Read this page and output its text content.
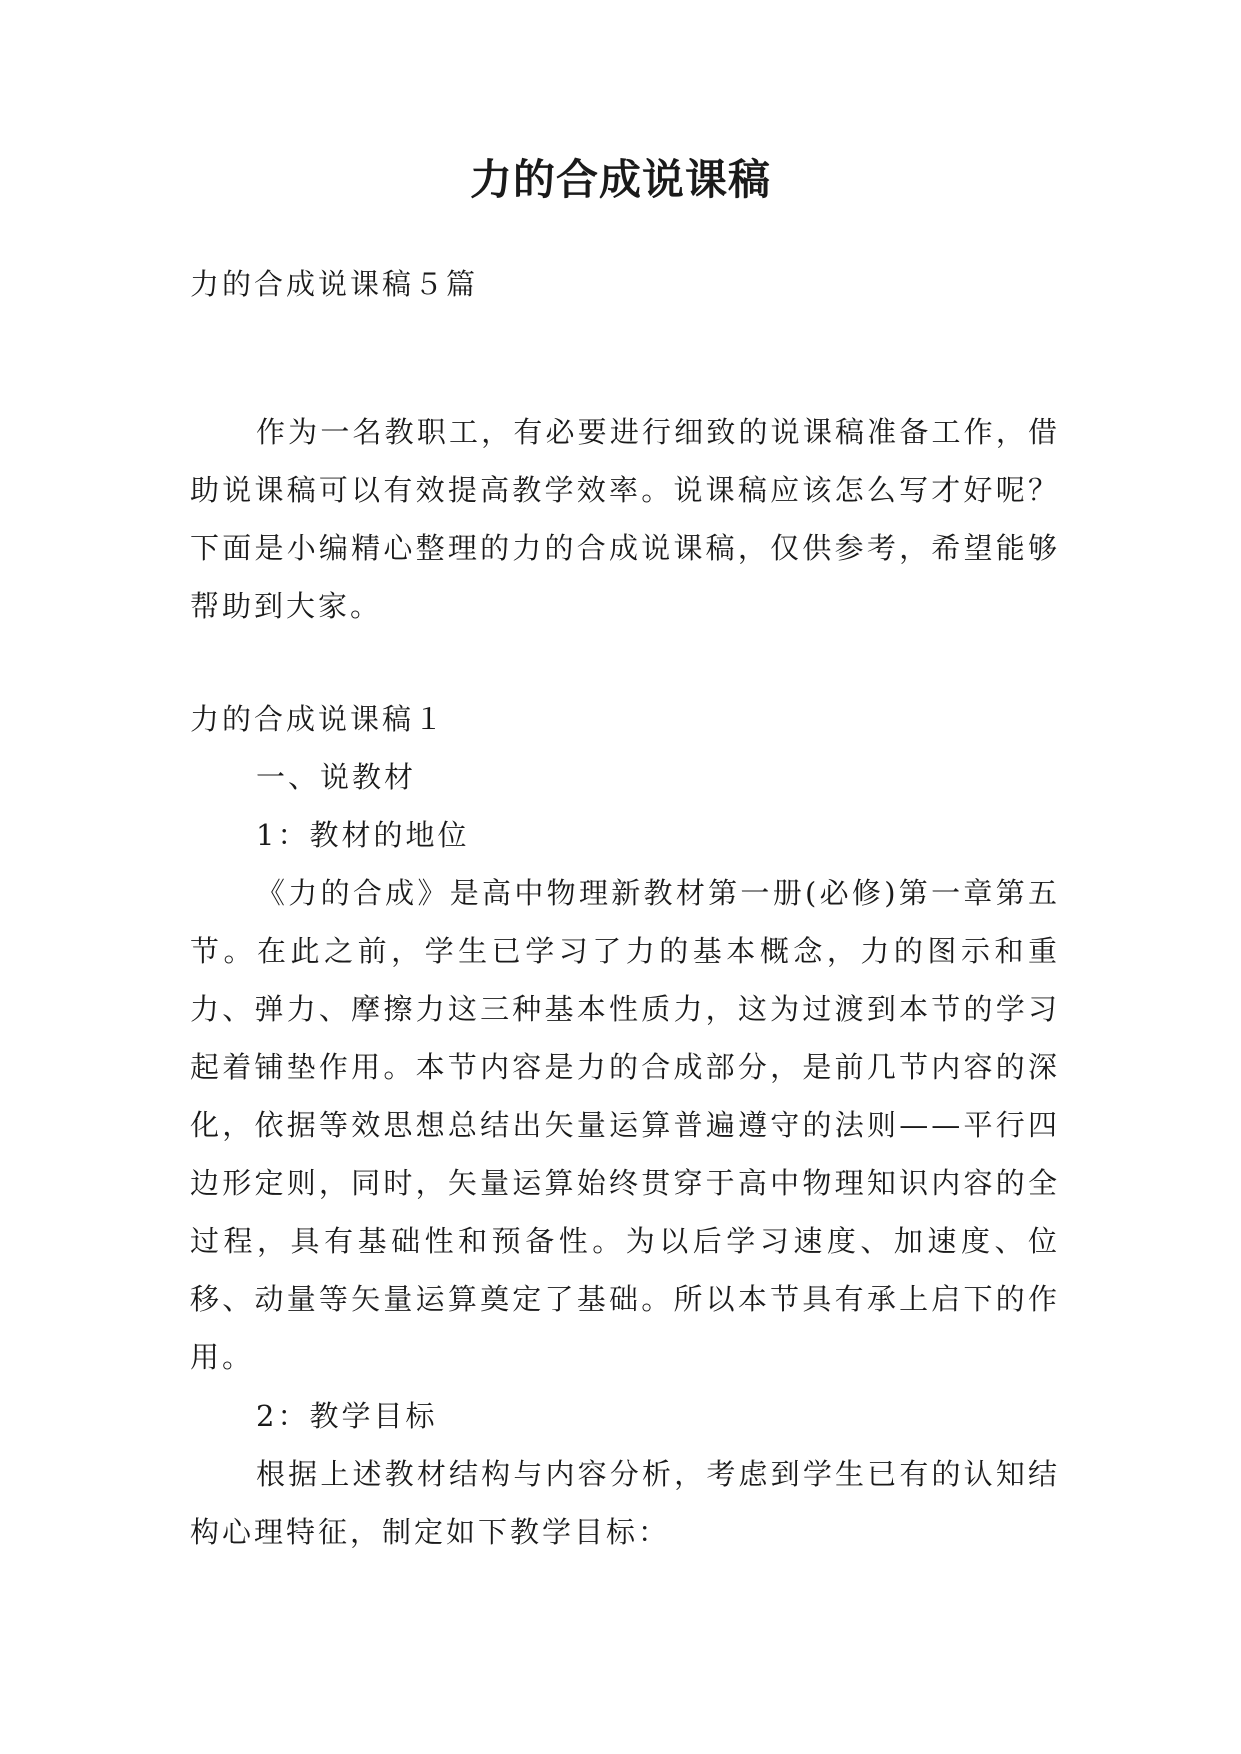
力的合成说课稿

力的合成说课稿５篇

作为一名教职工，有必要进行细致的说课稿准备工作，借助说课稿可以有效提高教学效率。说课稿应该怎么写才好呢？下面是小编精心整理的力的合成说课稿，仅供参考，希望能够帮助到大家。

力的合成说课稿１

一、说教材

1：教材的地位

《力的合成》是高中物理新教材第一册(必修)第一章第五节。在此之前，学生已学习了力的基本概念，力的图示和重力、弹力、摩擦力这三种基本性质力，这为过渡到本节的学习起着铺垫作用。本节内容是力的合成部分，是前几节内容的深化，依据等效思想总结出矢量运算普遍遵守的法则——平行四边形定则，同时，矢量运算始终贯穿于高中物理知识内容的全过程，具有基础性和预备性。为以后学习速度、加速度、位移、动量等矢量运算奠定了基础。所以本节具有承上启下的作用。

2：教学目标

根据上述教材结构与内容分析，考虑到学生已有的认知结构心理特征，制定如下教学目标：
